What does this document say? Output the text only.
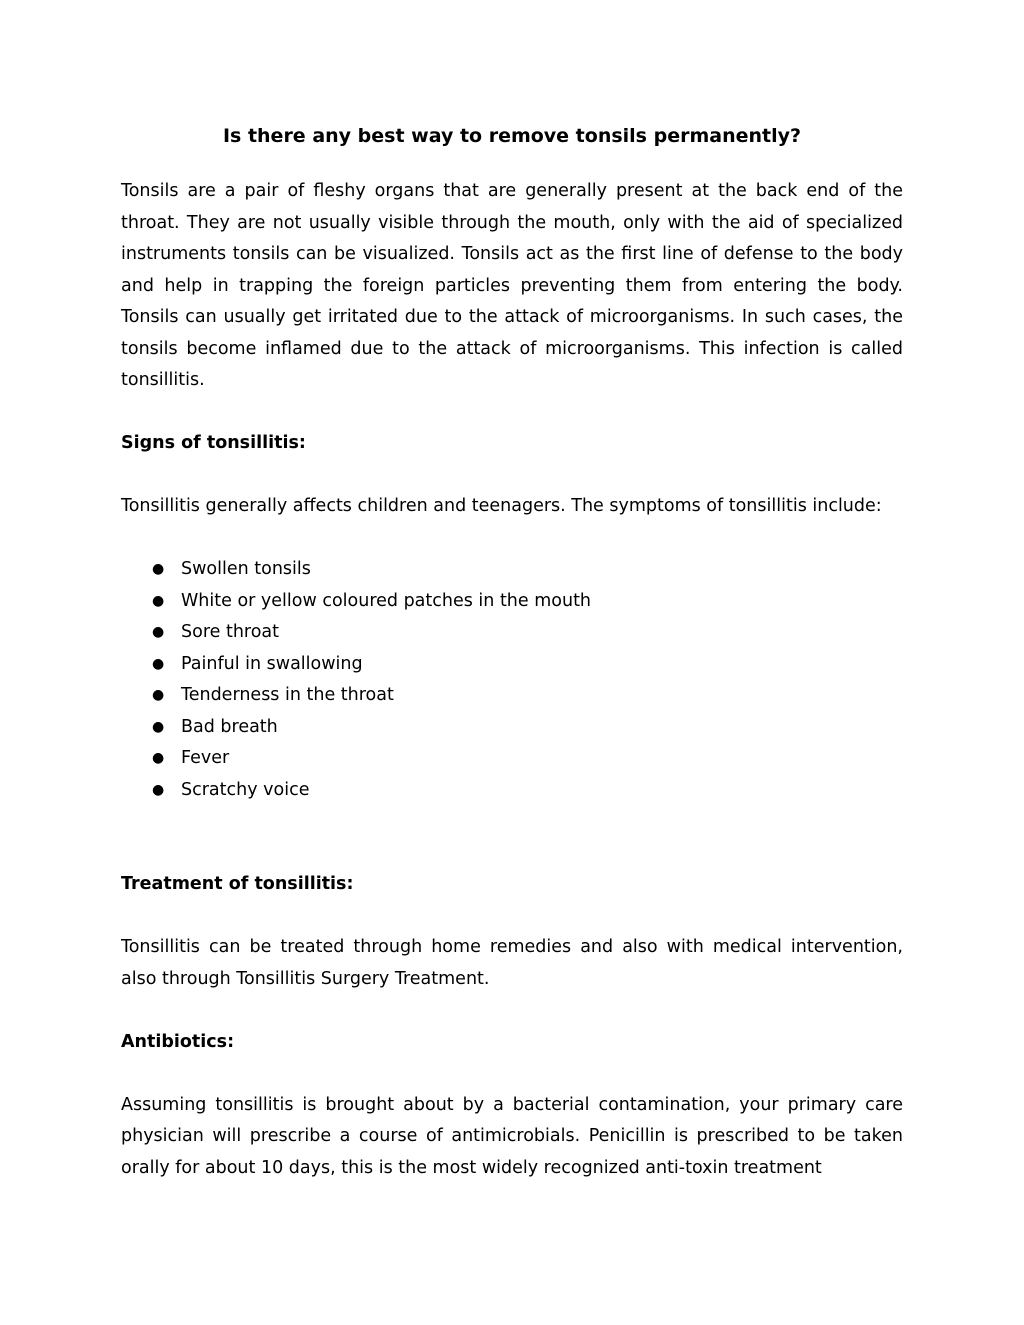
Is there any best way to remove tonsils permanently?

Tonsils are a pair of fleshy organs that are generally present at the back end of the throat. They are not usually visible through the mouth, only with the aid of specialized instruments tonsils can be visualized. Tonsils act as the first line of defense to the body and help in trapping the foreign particles preventing them from entering the body. Tonsils can usually get irritated due to the attack of microorganisms. In such cases, the tonsils become inflamed due to the attack of microorganisms. This infection is called tonsillitis.

Signs of tonsillitis:

Tonsillitis generally affects children and teenagers. The symptoms of tonsillitis include:

● Swollen tonsils
● White or yellow coloured patches in the mouth
● Sore throat
● Painful in swallowing
● Tenderness in the throat
● Bad breath
● Fever
● Scratchy voice

Treatment of tonsillitis:

Tonsillitis can be treated through home remedies and also with medical intervention, also through Tonsillitis Surgery Treatment.

Antibiotics:

Assuming tonsillitis is brought about by a bacterial contamination, your primary care physician will prescribe a course of antimicrobials. Penicillin is prescribed to be taken orally for about 10 days, this is the most widely recognized anti-toxin treatment
